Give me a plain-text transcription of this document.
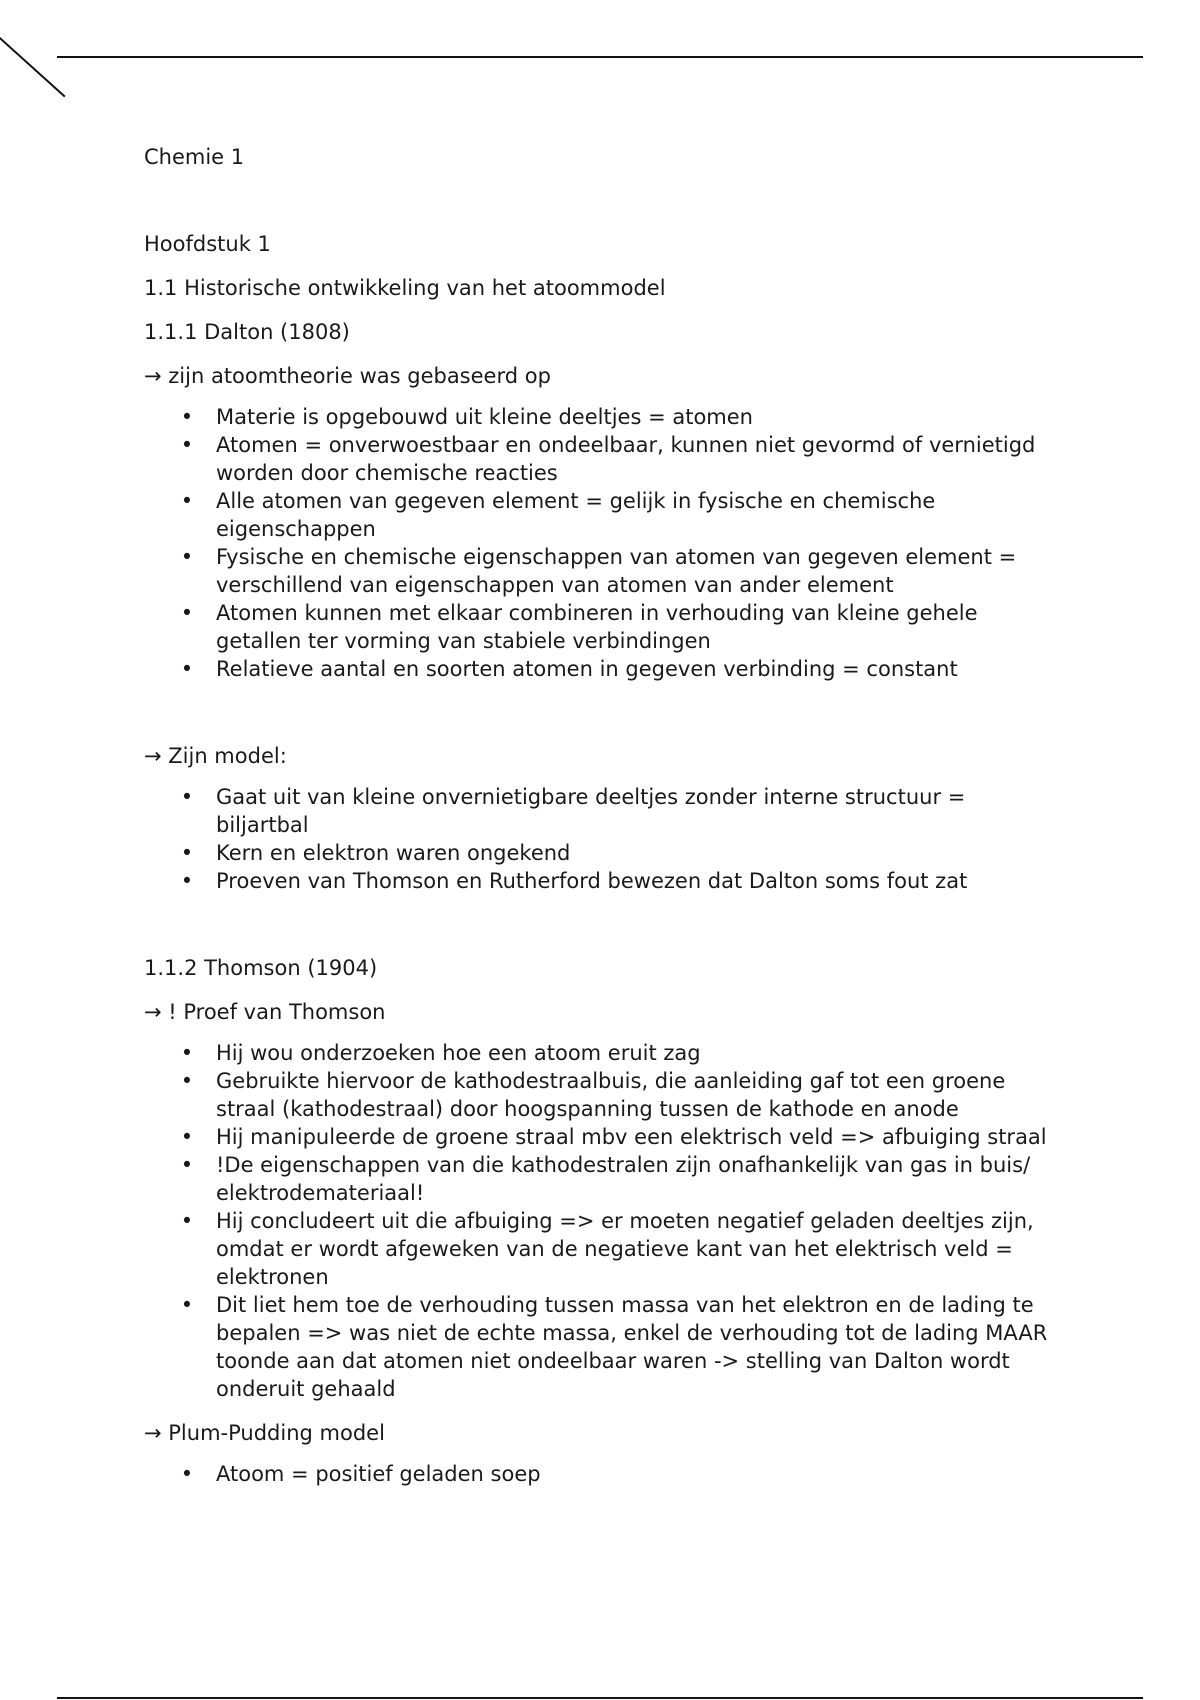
Chemie 1

Hoofdstuk 1

1.1 Historische ontwikkeling van het atoommodel

1.1.1 Dalton (1808)

→ zijn atoomtheorie was gebaseerd op

• Materie is opgebouwd uit kleine deeltjes = atomen
• Atomen = onverwoestbaar en ondeelbaar, kunnen niet gevormd of vernietigd worden door chemische reacties
• Alle atomen van gegeven element = gelijk in fysische en chemische eigenschappen
• Fysische en chemische eigenschappen van atomen van gegeven element = verschillend van eigenschappen van atomen van ander element
• Atomen kunnen met elkaar combineren in verhouding van kleine gehele getallen ter vorming van stabiele verbindingen
• Relatieve aantal en soorten atomen in gegeven verbinding = constant

→ Zijn model:

• Gaat uit van kleine onvernietigbare deeltjes zonder interne structuur = biljartbal
• Kern en elektron waren ongekend
• Proeven van Thomson en Rutherford bewezen dat Dalton soms fout zat

1.1.2 Thomson (1904)

→ ! Proef van Thomson

• Hij wou onderzoeken hoe een atoom eruit zag
• Gebruikte hiervoor de kathodestraalbuis, die aanleiding gaf tot een groene straal (kathodestraal) door hoogspanning tussen de kathode en anode
• Hij manipuleerde de groene straal mbv een elektrisch veld => afbuiging straal
• !De eigenschappen van die kathodestralen zijn onafhankelijk van gas in buis/ elektrodemateriaal!
• Hij concludeert uit die afbuiging => er moeten negatief geladen deeltjes zijn, omdat er wordt afgeweken van de negatieve kant van het elektrisch veld = elektronen
• Dit liet hem toe de verhouding tussen massa van het elektron en de lading te bepalen => was niet de echte massa, enkel de verhouding tot de lading MAAR toonde aan dat atomen niet ondeelbaar waren -> stelling van Dalton wordt onderuit gehaald

→ Plum-Pudding model

• Atoom = positief geladen soep
